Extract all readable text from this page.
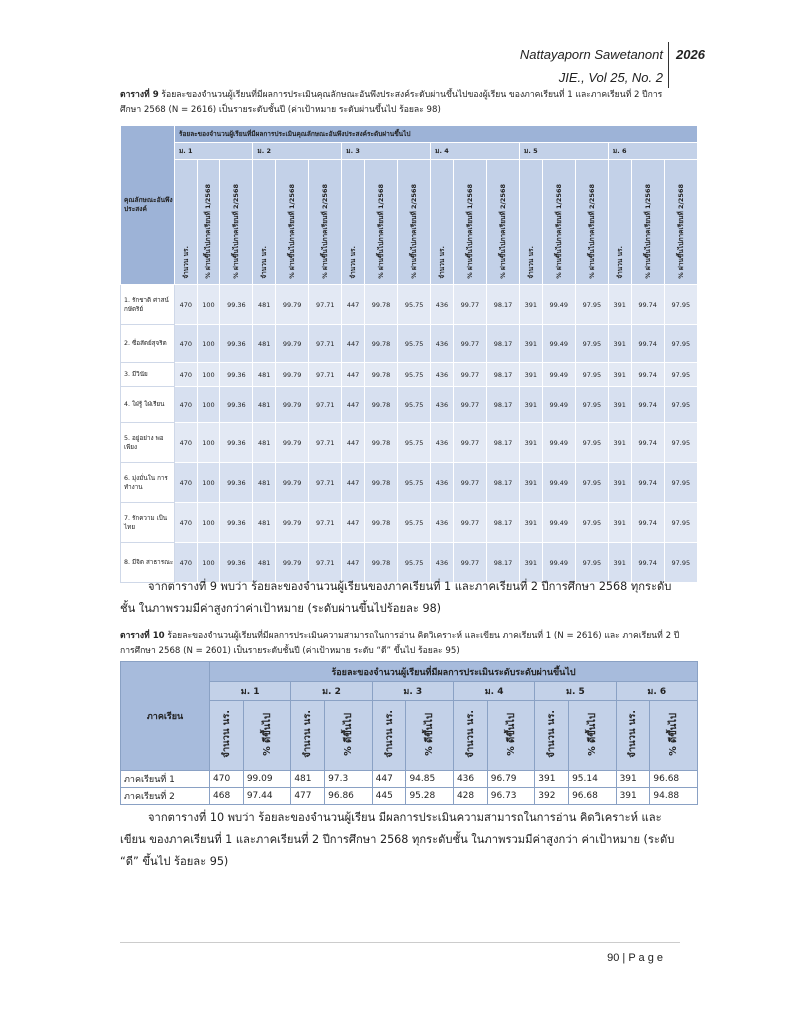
Nattayaporn Sawetanont
JIE., Vol 25, No. 2
2026
ตารางที่ 9 ร้อยละของจำนวนผู้เรียนที่มีผลการประเมินคุณลักษณะอันพึงประสงค์ระดับผ่านขึ้นไปของผู้เรียน ของภาคเรียนที่ 1 และภาคเรียนที่ 2 ปีการศึกษา 2568 (N = 2616) เป็นรายระดับชั้นปี (ค่าเป้าหมาย ระดับผ่านขึ้นไป ร้อยละ 98)
คุณลักษณะอันพึงประสงค์	ร้อยละของจำนวนผู้เรียนที่มีผลการประเมินคุณลักษณะอันพึงประสงค์ระดับผ่านขึ้นไป																	
	ม. 1			ม. 2			ม. 3			ม. 4			ม. 5			ม. 6		
	จำนวน นร.	% ผ่านขึ้นไปภาคเรียนที่ 1/2568	% ผ่านขึ้นไปภาคเรียนที่ 2/2568	จำนวน นร.	% ผ่านขึ้นไปภาคเรียนที่ 1/2568	% ผ่านขึ้นไปภาคเรียนที่ 2/2568	จำนวน นร.	% ผ่านขึ้นไปภาคเรียนที่ 1/2568	% ผ่านขึ้นไปภาคเรียนที่ 2/2568	จำนวน นร.	% ผ่านขึ้นไปภาคเรียนที่ 1/2568	% ผ่านขึ้นไปภาคเรียนที่ 2/2568	จำนวน นร.	% ผ่านขึ้นไปภาคเรียนที่ 1/2568	% ผ่านขึ้นไปภาคเรียนที่ 2/2568	จำนวน นร.	% ผ่านขึ้นไปภาคเรียนที่ 1/2568	% ผ่านขึ้นไปภาคเรียนที่ 2/2568
1. รักชาติ ศาสน์ กษัตริย์	470	100	99.36	481	99.79	97.71	447	99.78	95.75	436	99.77	98.17	391	99.49	97.95	391	99.74	97.95
2. ซื่อสัตย์สุจริต	470	100	99.36	481	99.79	97.71	447	99.78	95.75	436	99.77	98.17	391	99.49	97.95	391	99.74	97.95
3. มีวินัย	470	100	99.36	481	99.79	97.71	447	99.78	95.75	436	99.77	98.17	391	99.49	97.95	391	99.74	97.95
4. ใฝ่รู้ ใฝ่เรียน	470	100	99.36	481	99.79	97.71	447	99.78	95.75	436	99.77	98.17	391	99.49	97.95	391	99.74	97.95
5. อยู่อย่าง พอเพียง	470	100	99.36	481	99.79	97.71	447	99.78	95.75	436	99.77	98.17	391	99.49	97.95	391	99.74	97.95
6. มุ่งมั่นใน การ ทำงาน	470	100	99.36	481	99.79	97.71	447	99.78	95.75	436	99.77	98.17	391	99.49	97.95	391	99.74	97.95
7. รักความ เป็นไทย	470	100	99.36	481	99.79	97.71	447	99.78	95.75	436	99.77	98.17	391	99.49	97.95	391	99.74	97.95
8. มีจิต สาธารณะ	470	100	99.36	481	99.79	97.71	447	99.78	95.75	436	99.77	98.17	391	99.49	97.95	391	99.74	97.95
จากตารางที่ 9 พบว่า ร้อยละของจำนวนผู้เรียนของภาคเรียนที่ 1 และภาคเรียนที่ 2 ปีการศึกษา 2568 ทุกระดับชั้น ในภาพรวมมีค่าสูงกว่าค่าเป้าหมาย (ระดับผ่านขึ้นไปร้อยละ 98)
ตารางที่ 10 ร้อยละของจำนวนผู้เรียนที่มีผลการประเมินความสามารถในการอ่าน คิดวิเคราะห์ และเขียน ภาคเรียนที่ 1 (N = 2616) และ ภาคเรียนที่ 2 ปีการศึกษา 2568 (N = 2601) เป็นรายระดับชั้นปี (ค่าเป้าหมาย ระดับ “ดี” ขึ้นไป ร้อยละ 95)
ภาคเรียน	ร้อยละของจำนวนผู้เรียนที่มีผลการประเมินระดับระดับผ่านขึ้นไป											
	ม. 1		ม. 2		ม. 3		ม. 4		ม. 5		ม. 6	
	จำนวน นร.	% ดีขึ้นไป	จำนวน นร.	% ดีขึ้นไป	จำนวน นร.	% ดีขึ้นไป	จำนวน นร.	% ดีขึ้นไป	จำนวน นร.	% ดีขึ้นไป	จำนวน นร.	% ดีขึ้นไป
ภาคเรียนที่ 1	470	99.09	481	97.3	447	94.85	436	96.79	391	95.14	391	96.68
ภาคเรียนที่ 2	468	97.44	477	96.86	445	95.28	428	96.73	392	96.68	391	94.88
จากตารางที่ 10 พบว่า ร้อยละของจำนวนผู้เรียน มีผลการประเมินความสามารถในการอ่าน คิดวิเคราะห์ และเขียน ของภาคเรียนที่ 1 และภาคเรียนที่ 2 ปีการศึกษา 2568 ทุกระดับชั้น ในภาพรวมมีค่าสูงกว่า ค่าเป้าหมาย (ระดับ “ดี” ขึ้นไป ร้อยละ 95)
90 | P a g e
